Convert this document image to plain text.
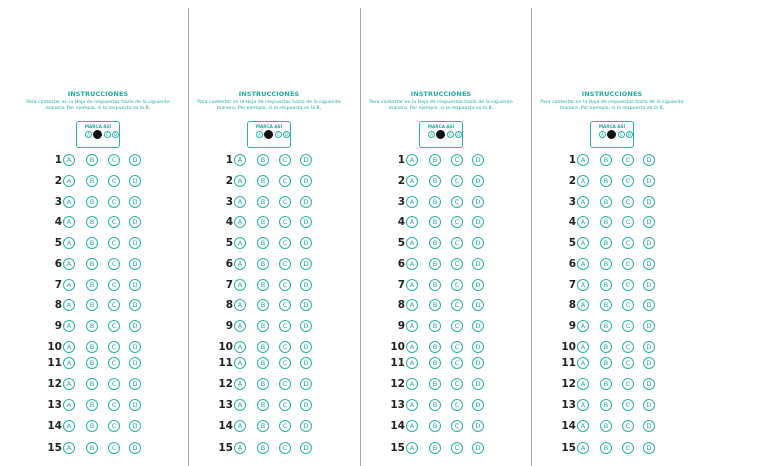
INSTRUCCIONES
Para contestar en la Hoja de respuestas hazlo de la siguiente
manera. Por ejemplo, si la respuesta es la B,
MARCA ASÍ
A	C	D
1 A	B	C	D
2 A	B	C	D
3 A	B	C	D
4 A	B	C	D
5 A	B	C	D
6 A	B	C	D
7 A	B	C	D
8 A	B	C	D
9 A	B	C	D
10 A	B	C	D
11 A	B	C	D
12 A	B	C	D
13 A	B	C	D
14 A	B	C	D
15 A	B	C	D
INSTRUCCIONES
Para contestar en la Hoja de respuestas hazlo de la siguiente
manera. Por ejemplo, si la respuesta es la B,
MARCA ASÍ
A	C	D
1 A	B	C	D
2 A	B	C	D
3 A	B	C	D
4 A	B	C	D
5 A	B	C	D
6 A	B	C	D
7 A	B	C	D
8 A	B	C	D
9 A	B	C	D
10 A	B	C	D
11 A	B	C	D
12 A	B	C	D
13 A	B	C	D
14 A	B	C	D
15 A	B	C	D
INSTRUCCIONES
Para contestar en la Hoja de respuestas hazlo de la siguiente
manera. Por ejemplo, si la respuesta es la B,
MARCA ASÍ
A	C	D
1 A	B	C	D
2 A	B	C	D
3 A	B	C	D
4 A	B	C	D
5 A	B	C	D
6 A	B	C	D
7 A	B	C	D
8 A	B	C	D
9 A	B	C	D
10 A	B	C	D
11 A	B	C	D
12 A	B	C	D
13 A	B	C	D
14 A	B	C	D
15 A	B	C	D
INSTRUCCIONES
Para contestar en la Hoja de respuestas hazlo de la siguiente
manera. Por ejemplo, si la respuesta es la B,
MARCA ASÍ
A	C	D
1 A	B	C	D
2 A	B	C	D
3 A	B	C	D
4 A	B	C	D
5 A	B	C	D
6 A	B	C	D
7 A	B	C	D
8 A	B	C	D
9 A	B	C	D
10 A	B	C	D
11 A	B	C	D
12 A	B	C	D
13 A	B	C	D
14 A	B	C	D
15 A	B	C	D
